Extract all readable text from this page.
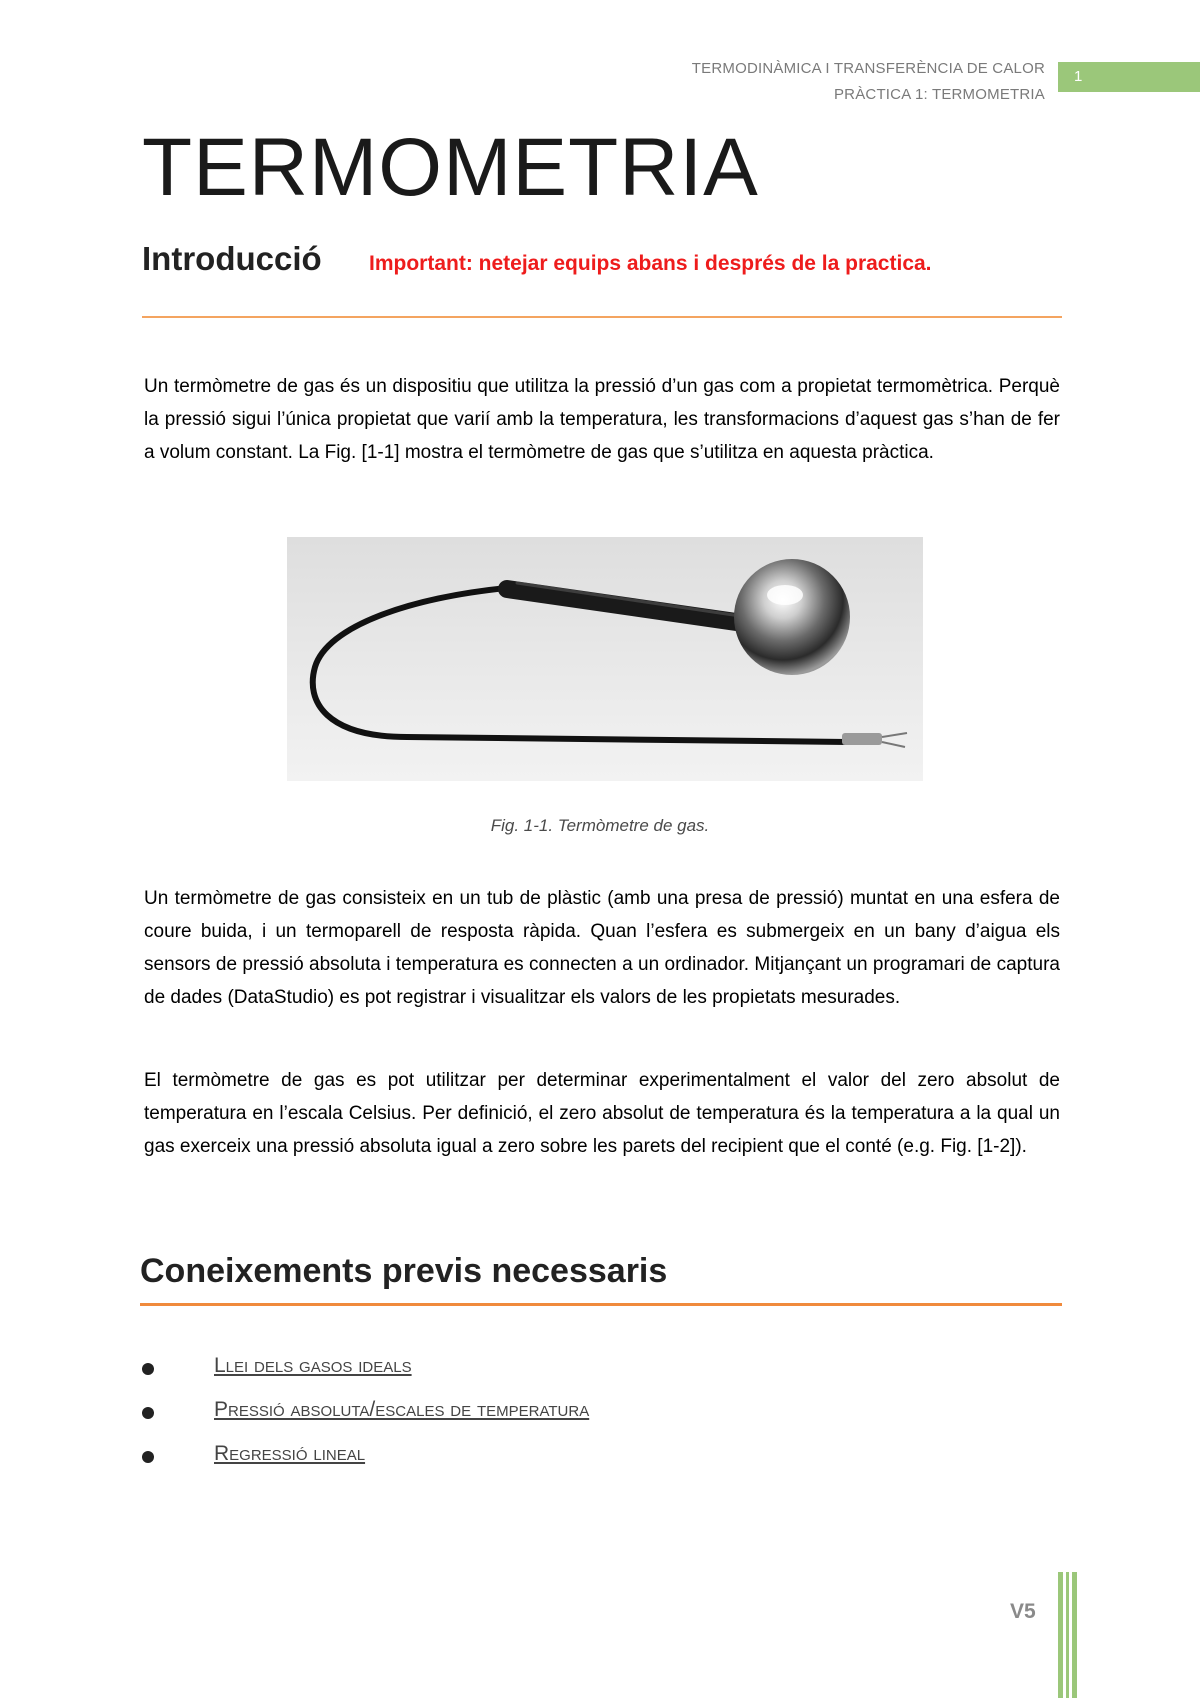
TERMODINÀMICA I TRANSFERÈNCIA DE CALOR
PRÀCTICA 1: TERMOMETRIA
1
TERMOMETRIA
Introducció Important: netejar equips abans i després de la practica.

Un termòmetre de gas és un dispositiu que utilitza la pressió d’un gas com a propietat termomètrica. Perquè la pressió sigui l’única propietat que varií amb la temperatura, les transformacions d’aquest gas s’han de fer a volum constant. La Fig. [1-1] mostra el termòmetre de gas que s’utilitza en aquesta pràctica.

Fig. 1-1. Termòmetre de gas.

Un termòmetre de gas consisteix en un tub de plàstic (amb una presa de pressió) muntat en una esfera de coure buida, i un termoparell de resposta ràpida. Quan l’esfera es submergeix en un bany d’aigua els sensors de pressió absoluta i temperatura es connecten a un ordinador. Mitjançant un programari de captura de dades (DataStudio) es pot registrar i visualitzar els valors de les propietats mesurades.

El termòmetre de gas es pot utilitzar per determinar experimentalment el valor del zero absolut de temperatura en l’escala Celsius. Per definició, el zero absolut de temperatura és la temperatura a la qual un gas exerceix una pressió absoluta igual a zero sobre les parets del recipient que el conté (e.g. Fig. [1-2]).

Coneixements previs necessaris
Llei dels gasos ideals
Pressió absoluta/escales de temperatura
Regressió lineal
V5
